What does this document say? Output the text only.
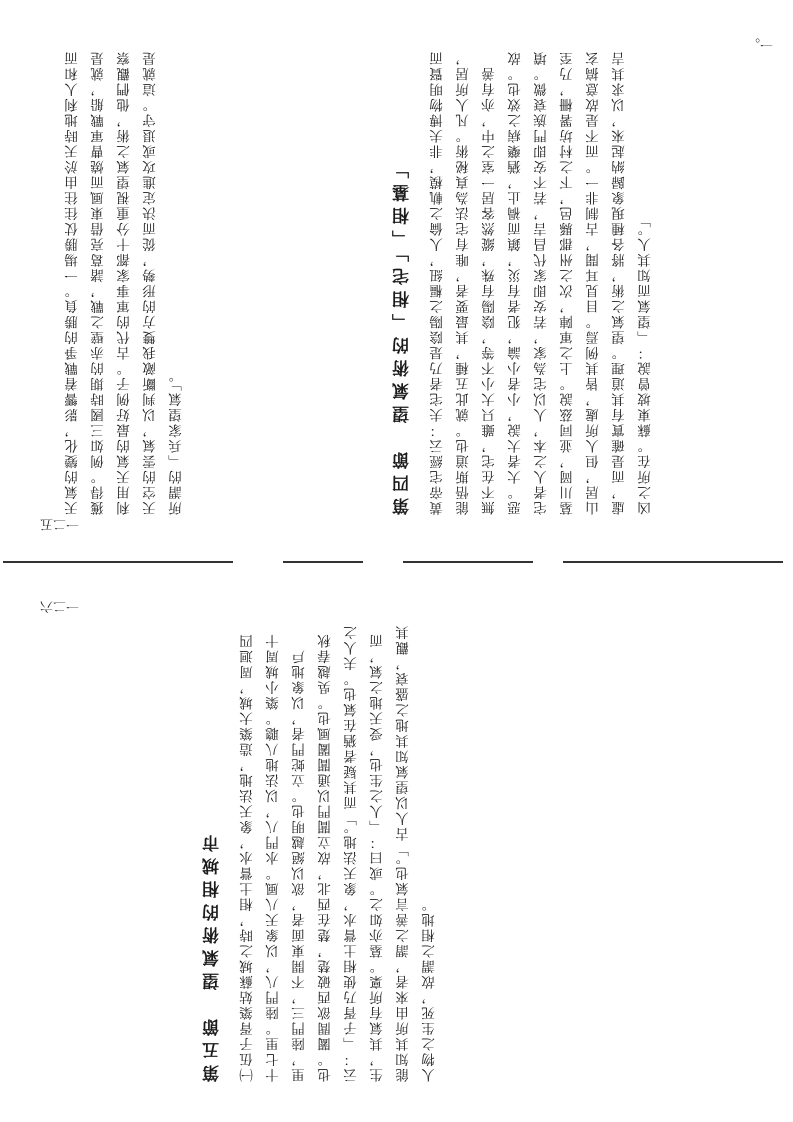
第五節　望氣術的相城市	㈠伍子胥築姑蘇城之時，相土嘗水，象天法地，造築大城，周迴四十七里。陸門八，以象天八風。水門八，以法地八聰。築小城周十里，陸門三，不開東面者，欲以絕越明也。立蛇門者，以象地戶也。闔閭欲西破楚，楚在西北，故立閶門以通閶闔風也。吳越春秋云：「子胥乃使相土嘗水，象天法地。」而其疑者猶在氣也。夫人之生，其氣有所稟。墓亦如之。或曰：「人之生也，受天地之氣，而能知其所由來者，謂之善言氣也。」古人以望氣知其地之盛衰，觀其人物之生死，故謂之相地。
一二六
一二五
天氣的變化，影響着戰爭的勝負。一場勝仗往往由於天時地利人和而獲得。例如三國時期的赤壁之戰，諸葛亮借東風而燒曹軍戰船，就是利用天氣的最好例子。古代的軍事家都十分重視望氣之術，他們觀察天空的雲氣，以判斷敵我雙方的形勢，從而決定進攻或退守。這就是所謂的「兵家望氣」。	第四節　望氣術的「相宅」「相墓」	黃帝宅經云：夫宅者乃是陰陽之樞紐，人倫之軌模，非夫博物明賢而能悟斯道也。就此五種，其最要者，唯有宅法為真秘術。凡人所居，無不在宅，雖只大小不等，陰陽有殊，縱然客居一室之中，亦有善惡。大者大說，小者小論，犯者有災，鎮而禍止，猶藥病之效也。故宅者人之本，人以宅為家，若安即家代昌吉，若不安即門族衰微。墳墓川岡，並同茲說。上之軍陣，次之州郡縣邑，下之村坊署柵，乃至山居，但人所處，皆其例焉。目見耳聞，古制非一。而不是故意搞玄虛，而是確實有其道理。望氣之術，將各種現象歸納起來，以求其吉凶之所在。蘇東坡曾說：「望氣而知其人。」
一。
